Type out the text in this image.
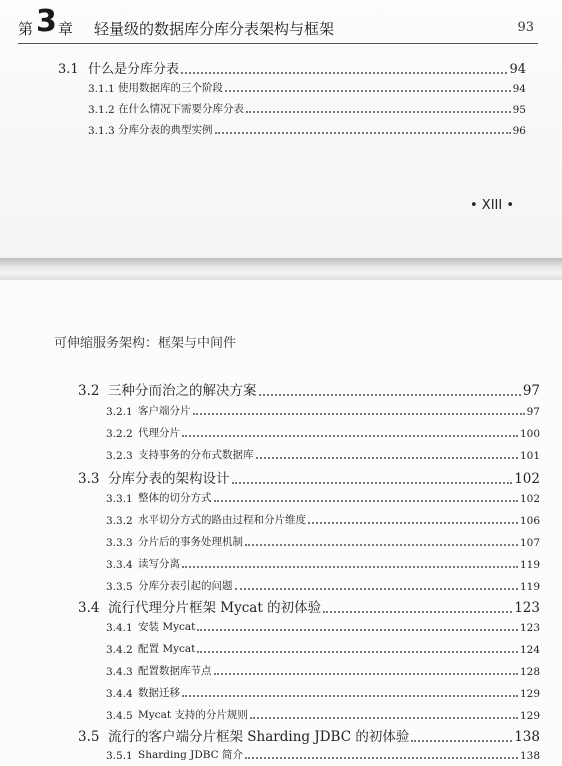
第 3 章 轻量级的数据库分库分表架构与框架	93
3.1 什么是分库分表	94
3.1.1 使用数据库的三个阶段	94
3.1.2 在什么情况下需要分库分表	95
3.1.3 分库分表的典型实例	96
• XIII •
可伸缩服务架构：框架与中间件
3.2 三种分而治之的解决方案	97
3.2.1 客户端分片	97
3.2.2 代理分片	100
3.2.3 支持事务的分布式数据库	101
3.3 分库分表的架构设计	102
3.3.1 整体的切分方式	102
3.3.2 水平切分方式的路由过程和分片维度	106
3.3.3 分片后的事务处理机制	107
3.3.4 读写分离	119
3.3.5 分库分表引起的问题	119
3.4 流行代理分片框架 Mycat 的初体验	123
3.4.1 安装 Mycat	123
3.4.2 配置 Mycat	124
3.4.3 配置数据库节点	128
3.4.4 数据迁移	129
3.4.5 Mycat 支持的分片规则	129
3.5 流行的客户端分片框架 Sharding JDBC 的初体验	138
3.5.1 Sharding JDBC 简介	138
